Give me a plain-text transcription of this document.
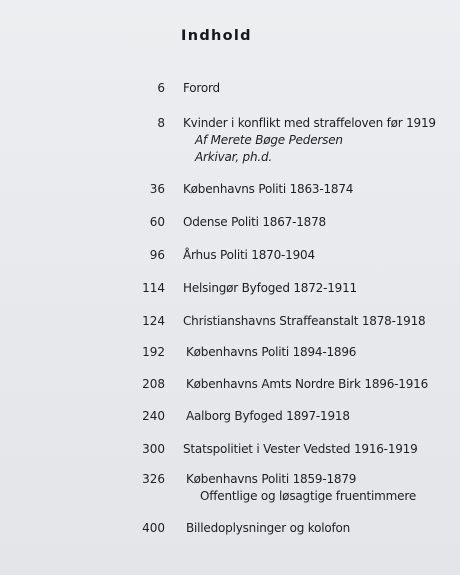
Indhold
6 Forord
8 Kvinder i konflikt med straffeloven før 1919
Af Merete Bøge Pedersen
Arkivar, ph.d.
36 Københavns Politi 1863-1874
60 Odense Politi 1867-1878
96 Århus Politi 1870-1904
114 Helsingør Byfoged 1872-1911
124 Christianshavns Straffeanstalt 1878-1918
192 Københavns Politi 1894-1896
208 Københavns Amts Nordre Birk 1896-1916
240 Aalborg Byfoged 1897-1918
300 Statspolitiet i Vester Vedsted 1916-1919
326 Københavns Politi 1859-1879
Offentlige og løsagtige fruentimmere
400 Billedoplysninger og kolofon
